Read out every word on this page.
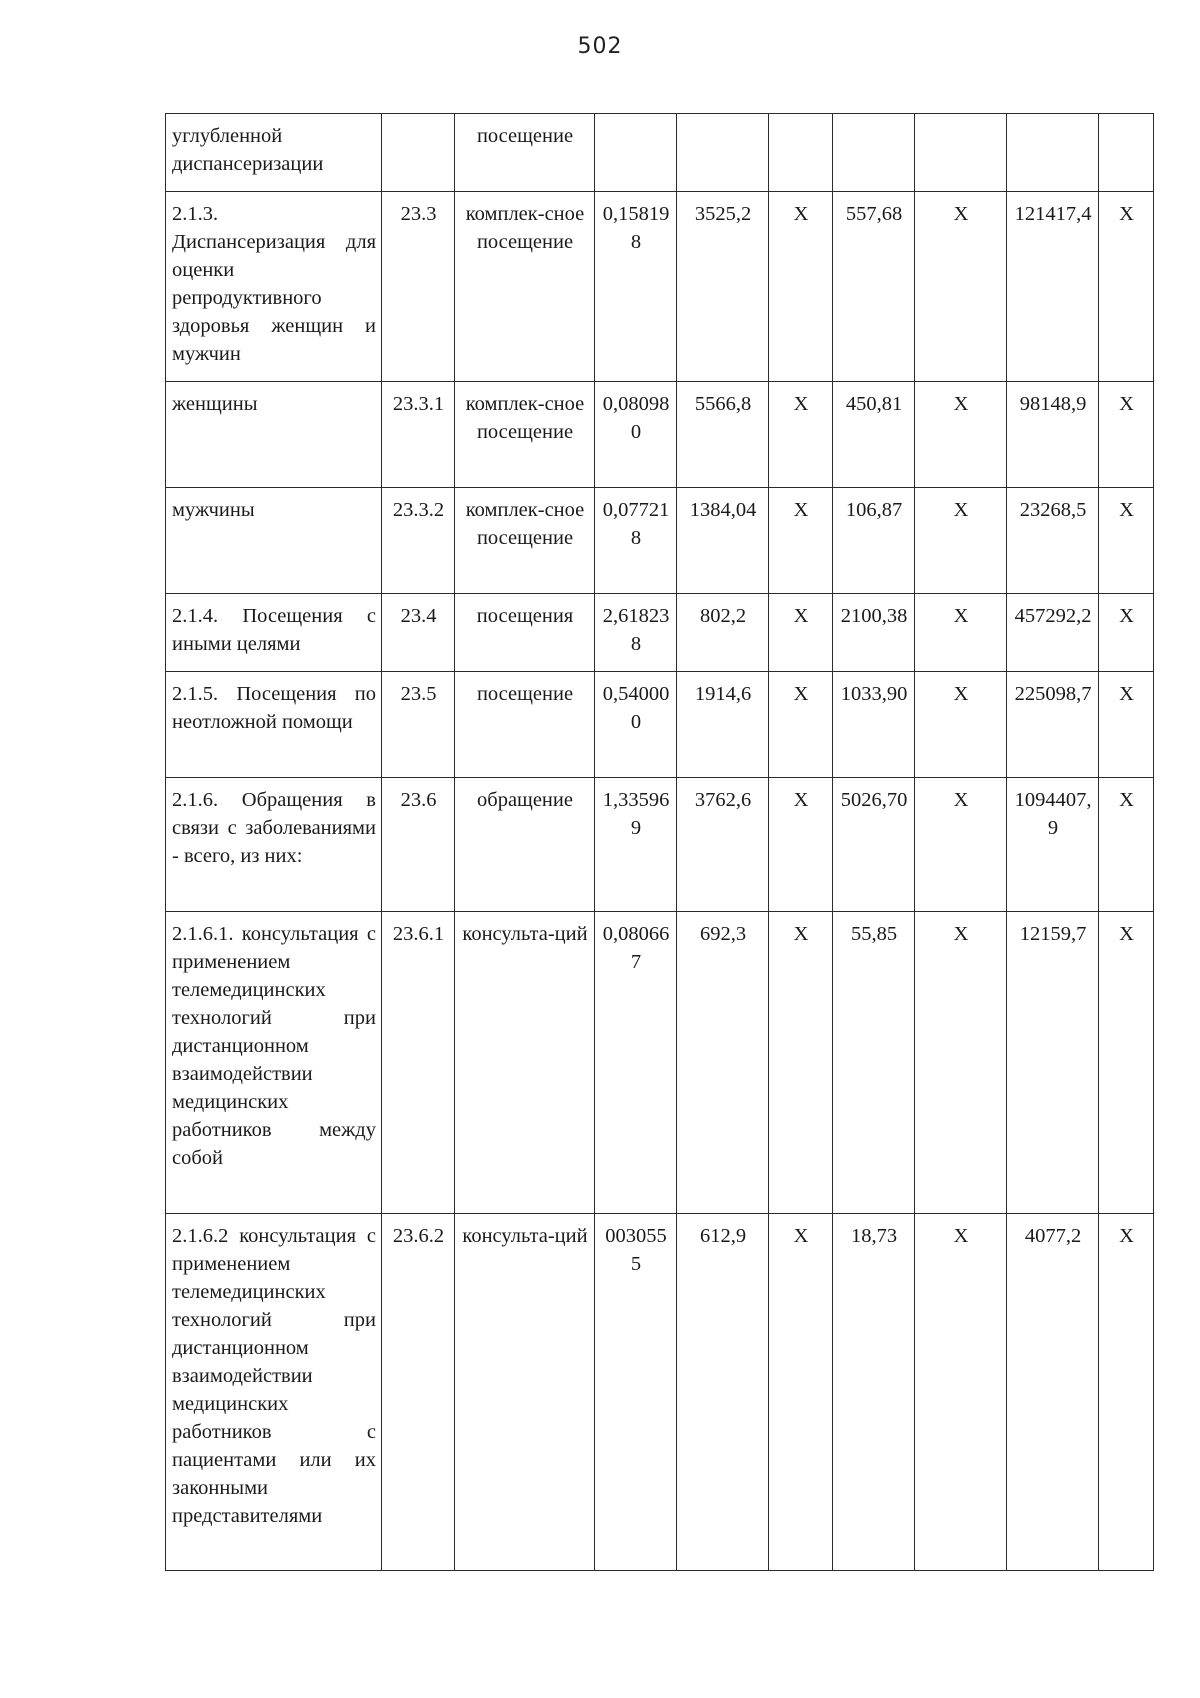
502
углубленной диспансеризации		посещение							
2.1.3. Диспансеризация для оценки репродуктивного здоровья женщин и мужчин	23.3	комплек-сное посещение	0,158198	3525,2	Х	557,68	Х	121417,4	Х
женщины	23.3.1	комплек-сное посещение	0,080980	5566,8	Х	450,81	Х	98148,9	Х
мужчины	23.3.2	комплек-сное посещение	0,077218	1384,04	Х	106,87	Х	23268,5	Х
2.1.4. Посещения с иными целями	23.4	посещения	2,618238	802,2	Х	2100,38	Х	457292,2	Х
2.1.5. Посещения по неотложной помощи	23.5	посещение	0,540000	1914,6	Х	1033,90	Х	225098,7	Х
2.1.6. Обращения в связи с заболеваниями - всего, из них:	23.6	обращение	1,335969	3762,6	Х	5026,70	Х	1094407,9	Х
2.1.6.1. консультация с применением телемедицинских технологий при дистанционном взаимодействии медицинских работников между собой	23.6.1	консульта-ций	0,080667	692,3	Х	55,85	Х	12159,7	Х
2.1.6.2 консультация с применением телемедицинских технологий при дистанционном взаимодействии медицинских работников с пациентами или их законными представителями	23.6.2	консульта-ций	0030555	612,9	Х	18,73	Х	4077,2	Х
